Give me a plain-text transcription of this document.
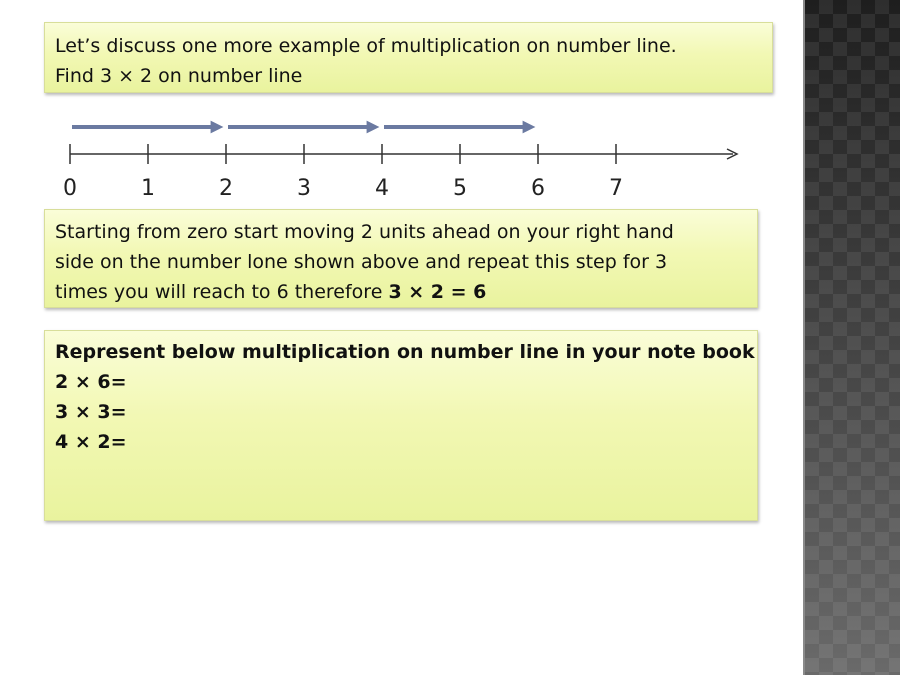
Let’s discuss one more example of multiplication on number line.
Find 3 × 2 on number line
0	1	2	3	4	5	6	7
Starting from zero start moving 2 units ahead on your right hand
side on the number lone shown above and repeat this step for 3
times you will reach to 6 therefore 3 × 2 = 6
Represent below multiplication on number line in your note book
2 × 6=
3 × 3=
4 × 2=
